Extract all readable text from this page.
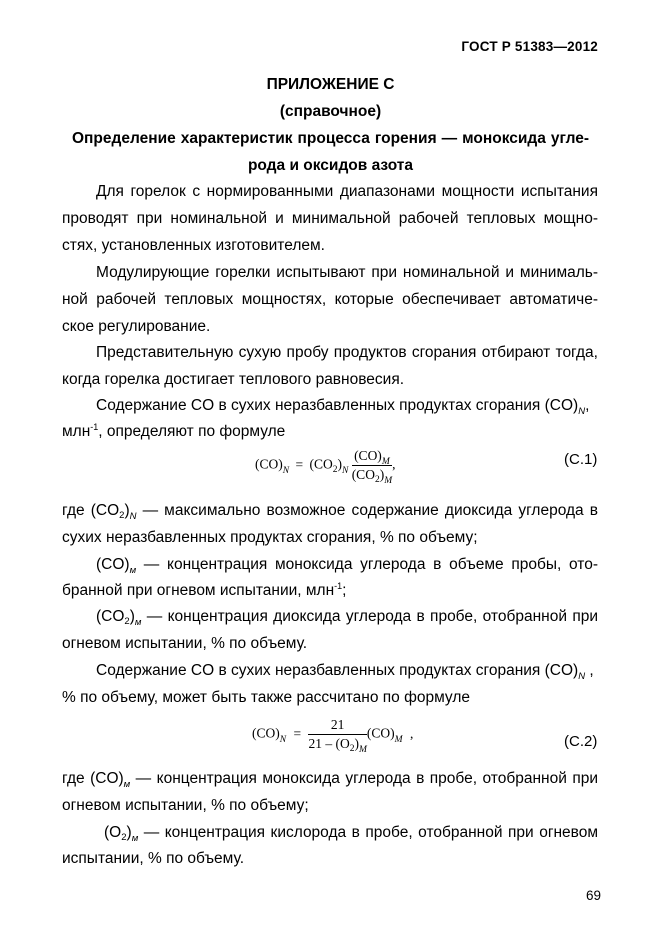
ГОСТ Р 51383—2012
ПРИЛОЖЕНИЕ С
(справочное)
Определение характеристик процесса горения — моноксида угле-
рода и оксидов азота
Для горелок с нормированными диапазонами мощности испытания
проводят при номинальной и минимальной рабочей тепловых мощно-
стях, установленных изготовителем.
Модулирующие горелки испытывают при номинальной и минималь-
ной рабочей тепловых мощностях, которые обеспечивает автоматиче-
ское регулирование.
Представительную сухую пробу продуктов сгорания отбирают тогда,
когда горелка достигает теплового равновесия.
Содержание CO в сухих неразбавленных продуктах сгорания $(CO)_N$,
млн$^{-1}$, определяют по формуле
$(CO)_N = (CO_2)_N \frac{(CO)_M}{(CO_2)_M}$ ,	(С.1)
где $(CO2)_N$ — максимально возможное содержание диоксида углерода в
сухих неразбавленных продуктах сгорания, % по объему;
$(CO)_м$ — концентрация моноксида углерода в объеме пробы, ото-
бранной при огневом испытании, млн$^{-1}$;
$(CO2)_м$ — концентрация диоксида углерода в пробе, отобранной при
огневом испытании, % по объему.
Содержание CO в сухих неразбавленных продуктах сгорания $(CO)_N$ ,
% по объему, может быть также рассчитано по формуле
$(CO)_N = \frac{21}{21 - (O_2)_M} (CO)_M$ ,	(С.2)
где $(CO)_м$ — концентрация моноксида углерода в пробе, отобранной при
огневом испытании, % по объему;
$(O2)_м$ — концентрация кислорода в пробе, отобранной при огневом
испытании, % по объему.
69
